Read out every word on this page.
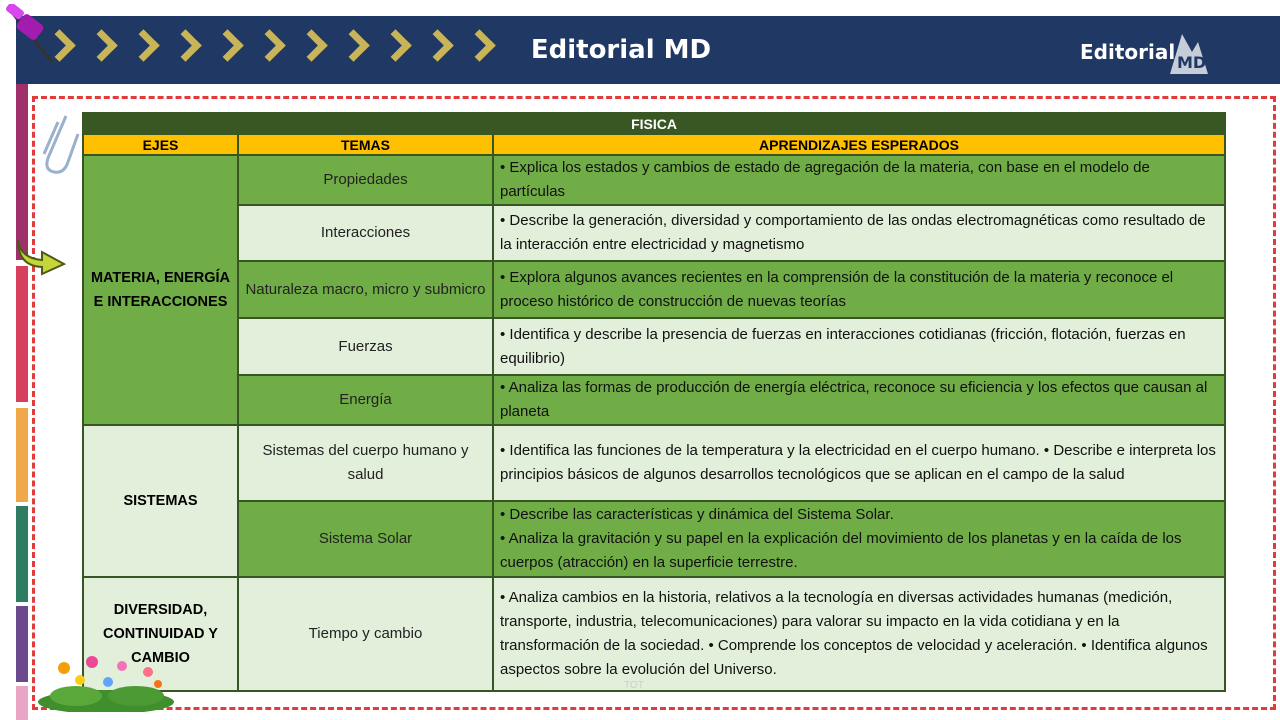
Editorial MD	Editorial MD
FISICA		
EJES	TEMAS	APRENDIZAJES ESPERADOS
MATERIA, ENERGÍA E INTERACCIONES	Propiedades	• Explica los estados y cambios de estado de agregación de la materia, con base en el modelo de partículas
	Interacciones	• Describe la generación, diversidad y comportamiento de las ondas electromagnéticas como resultado de la interacción entre electricidad y magnetismo
	Naturaleza macro, micro y submicro	• Explora algunos avances recientes en la comprensión de la constitución de la materia y reconoce el proceso histórico de construcción de nuevas teorías
	Fuerzas	• Identifica y describe la presencia de fuerzas en interacciones cotidianas (fricción, flotación, fuerzas en equilibrio)
	Energía	• Analiza las formas de producción de energía eléctrica, reconoce su eficiencia y los efectos que causan al planeta
SISTEMAS	Sistemas del cuerpo humano y salud	• Identifica las funciones de la temperatura y la electricidad en el cuerpo humano. • Describe e interpreta los principios básicos de algunos desarrollos tecnológicos que se aplican en el campo de la salud
	Sistema Solar	• Describe las características y dinámica del Sistema Solar.
• Analiza la gravitación y su papel en la explicación del movimiento de los planetas y en la caída de los cuerpos (atracción) en la superficie terrestre.

DIVERSIDAD, CONTINUIDAD Y CAMBIO	Tiempo y cambio	• Analiza cambios en la historia, relativos a la tecnología en diversas actividades humanas (medición, transporte, industria, telecomunicaciones) para valorar su impacto en la vida cotidiana y en la transformación de la sociedad. • Comprende los conceptos de velocidad y aceleración. • Identifica algunos aspectos sobre la evolución del Universo.
TOT
